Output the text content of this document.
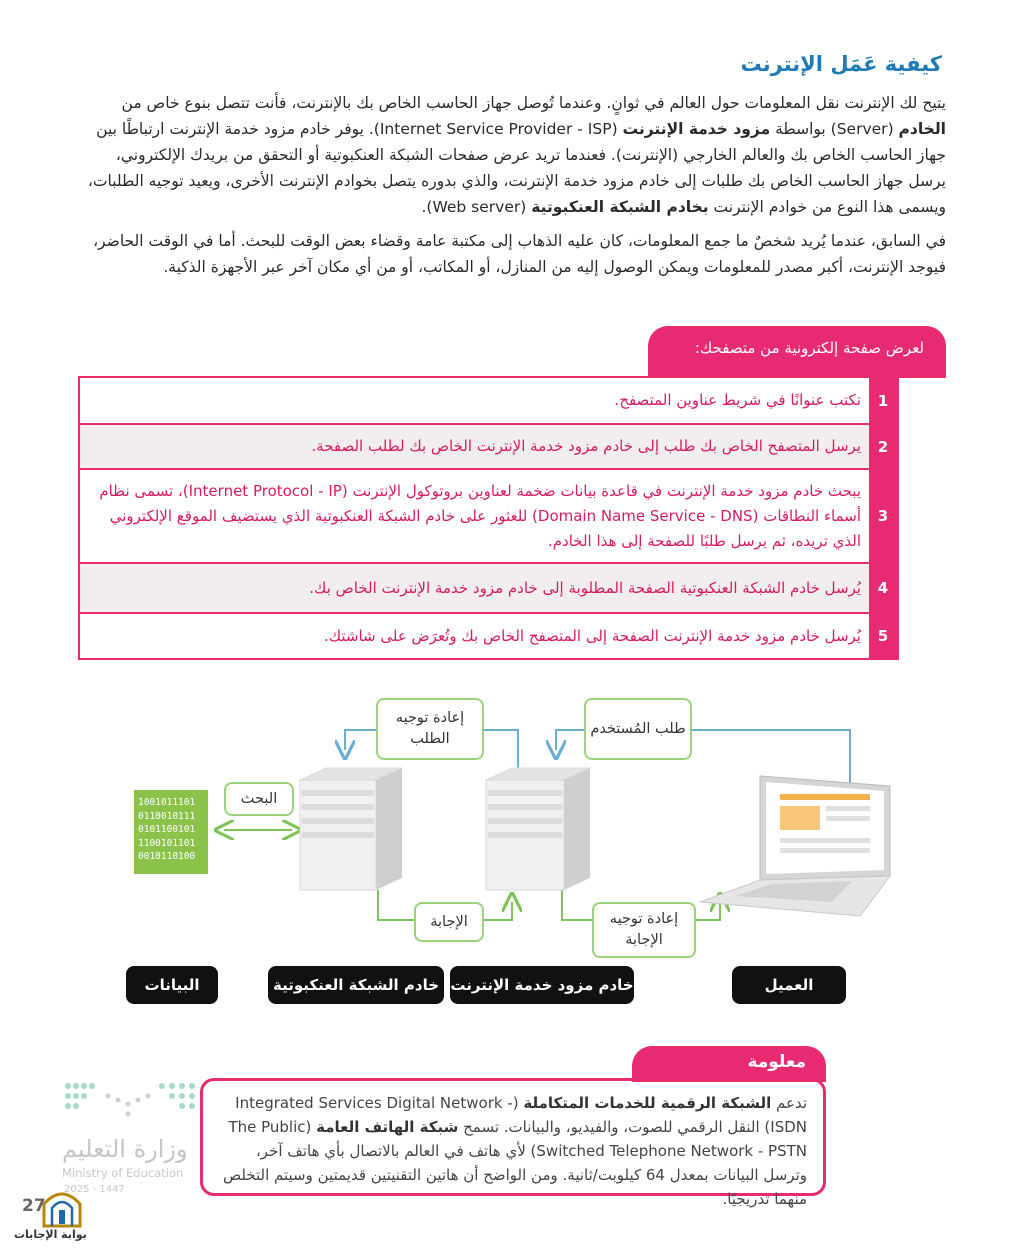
كيفية عَمَل الإنترنت
يتيح لك الإنترنت نقل المعلومات حول العالم في ثوانٍ. وعندما تُوصل جهاز الحاسب الخاص بك بالإنترنت، فأنت تتصل بنوع خاص من الخادم (Server) بواسطة مزود خدمة الإنترنت (Internet Service Provider - ISP). يوفر خادم مزود خدمة الإنترنت ارتباطًا بين جهاز الحاسب الخاص بك والعالم الخارجي (الإنترنت). فعندما تريد عرض صفحات الشبكة العنكبوتية أو التحقق من بريدك الإلكتروني، يرسل جهاز الحاسب الخاص بك طلبات إلى خادم مزود خدمة الإنترنت، والذي بدوره يتصل بخوادم الإنترنت الأخرى، ويعيد توجيه الطلبات، ويسمى هذا النوع من خوادم الإنترنت بخادم الشبكة العنكبوتية (Web server).
في السابق، عندما يُريد شخصٌ ما جمع المعلومات، كان عليه الذهاب إلى مكتبة عامة وقضاء بعض الوقت للبحث. أما في الوقت الحاضر، فيوجد الإنترنت، أكبر مصدر للمعلومات ويمكن الوصول إليه من المنازل، أو المكاتب، أو من أي مكان آخر عبر الأجهزة الذكية.
لعرض صفحة إلكترونية من متصفحك:
1
تكتب عنوانًا في شريط عناوين المتصفح.
2
يرسل المتصفح الخاص بك طلب إلى خادم مزود خدمة الإنترنت الخاص بك لطلب الصفحة.
3
يبحث خادم مزود خدمة الإنترنت في قاعدة بيانات ضخمة لعناوين بروتوكول الإنترنت (Internet Protocol - IP)، تسمى نظام أسماء النطاقات (Domain Name Service - DNS) للعثور على خادم الشبكة العنكبوتية الذي يستضيف الموقع الإلكتروني الذي تريده، ثم يرسل طلبًا للصفحة إلى هذا الخادم.
4
يُرسل خادم الشبكة العنكبوتية الصفحة المطلوبة إلى خادم مزود خدمة الإنترنت الخاص بك.
5
يُرسل خادم مزود خدمة الإنترنت الصفحة إلى المتصفح الخاص بك وتُعرَض على شاشتك.
1001011101
0110010111
0101100101
1100101101
0010110100
طلب المُستخدم
إعادة توجيه الطلب
البحث
الإجابة	إعادة توجيه الإجابة
البيانات	خادم الشبكة العنكبوتية خادم مزود خدمة الإنترنت	العميل
معلومة
تدعم الشبكة الرقمية للخدمات المتكاملة (Integrated Services Digital Network - ISDN) النقل الرقمي للصوت، والفيديو، والبيانات. تسمح شبكة الهاتف العامة (The Public Switched Telephone Network - PSTN) لأي هاتف في العالم بالاتصال بأي هاتف آخر، وترسل البيانات بمعدل 64 كيلوبت/ثانية. ومن الواضح أن هاتين التقنيتين قديمتين وسيتم التخلص منهما تدريجيًا.
وزارة التعليم
Ministry of Education
2025 - 1447
27
بوابة الإجابات
